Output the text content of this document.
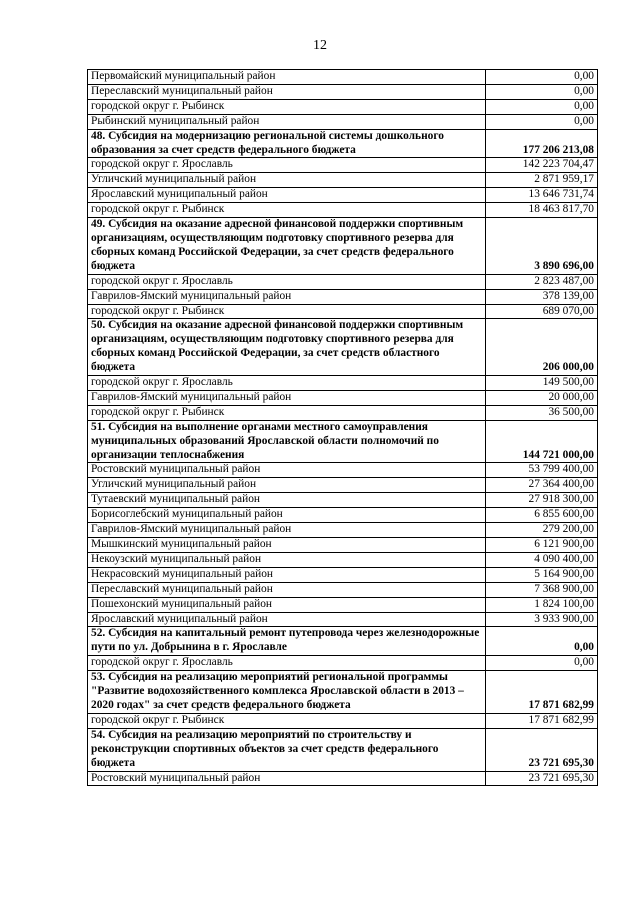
12
Первомайский муниципальный район	0,00
Переславский муниципальный район	0,00
городской округ г. Рыбинск	0,00
Рыбинский муниципальный район	0,00
48. Субсидия на модернизацию региональной системы дошкольного образования за счет средств федерального бюджета	177 206 213,08
городской округ г. Ярославль	142 223 704,47
Угличский муниципальный район	2 871 959,17
Ярославский муниципальный район	13 646 731,74
городской округ г. Рыбинск	18 463 817,70
49. Субсидия на оказание адресной финансовой поддержки спортивным организациям, осуществляющим подготовку спортивного резерва для сборных команд Российской Федерации, за счет средств федерального бюджета	3 890 696,00
городской округ г. Ярославль	2 823 487,00
Гаврилов-Ямский муниципальный район	378 139,00
городской округ г. Рыбинск	689 070,00
50. Субсидия на оказание адресной финансовой поддержки спортивным организациям, осуществляющим подготовку спортивного резерва для сборных команд Российской Федерации, за счет средств областного бюджета	206 000,00
городской округ г. Ярославль	149 500,00
Гаврилов-Ямский муниципальный район	20 000,00
городской округ г. Рыбинск	36 500,00
51. Субсидия на выполнение органами местного самоуправления муниципальных образований Ярославской области полномочий по организации теплоснабжения	144 721 000,00
Ростовский муниципальный район	53 799 400,00
Угличский муниципальный район	27 364 400,00
Тутаевский муниципальный район	27 918 300,00
Борисоглебский муниципальный район	6 855 600,00
Гаврилов-Ямский муниципальный район	279 200,00
Мышкинский муниципальный район	6 121 900,00
Некоузский муниципальный район	4 090 400,00
Некрасовский муниципальный район	5 164 900,00
Переславский муниципальный район	7 368 900,00
Пошехонский муниципальный район	1 824 100,00
Ярославский муниципальный район	3 933 900,00
52. Субсидия на капитальный ремонт путепровода через железнодорожные пути по ул. Добрынина в г. Ярославле	0,00
городской округ г. Ярославль	0,00
53. Субсидия на реализацию мероприятий региональной программы "Развитие водохозяйственного комплекса Ярославской области в 2013 – 2020 годах" за счет средств федерального бюджета	17 871 682,99
городской округ г. Рыбинск	17 871 682,99
54. Субсидия на реализацию мероприятий по строительству и реконструкции спортивных объектов за счет средств федерального бюджета	23 721 695,30
Ростовский муниципальный район	23 721 695,30
